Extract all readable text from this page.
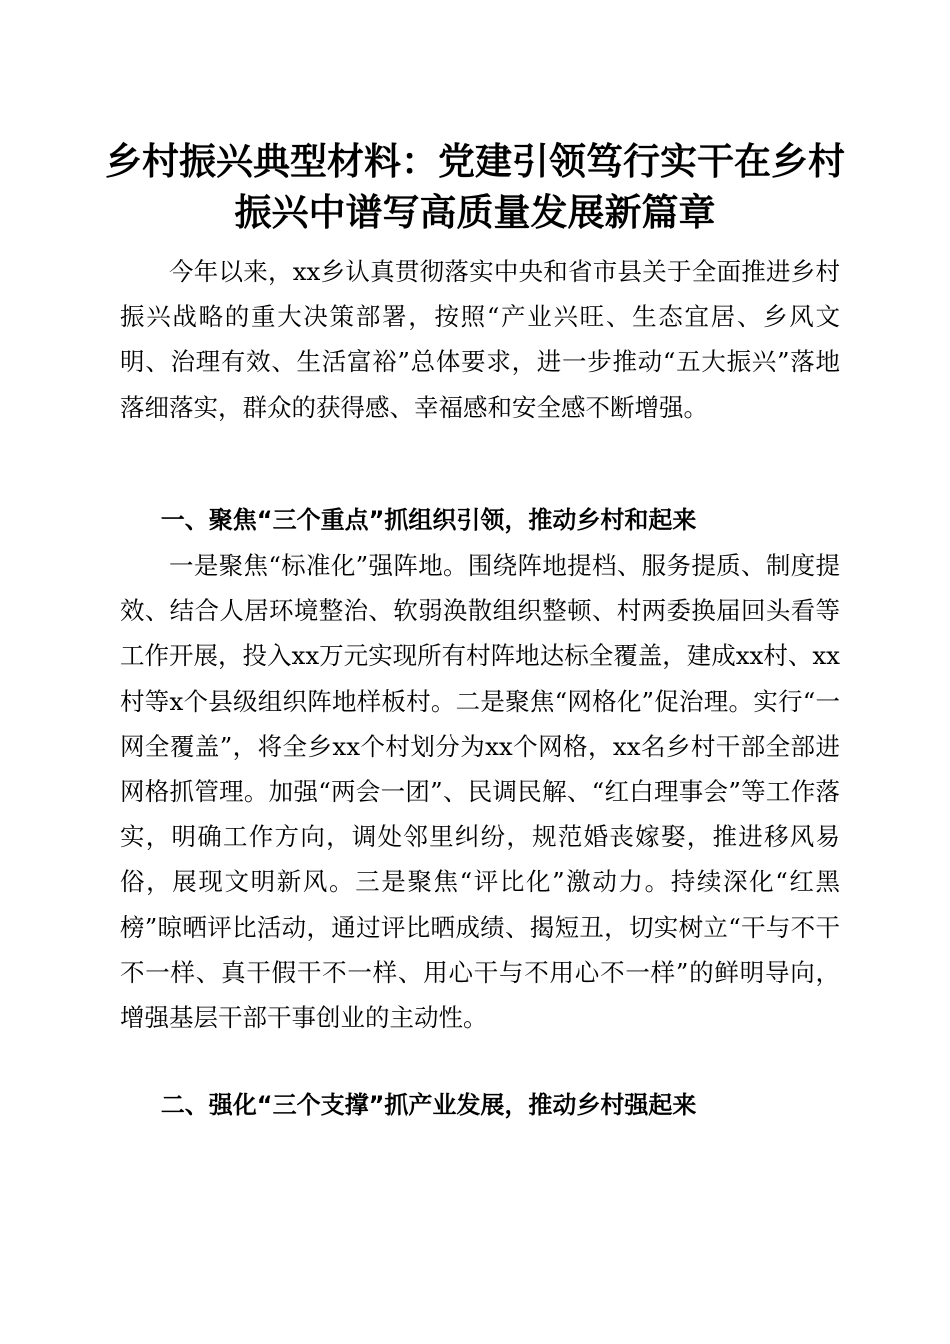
乡村振兴典型材料：党建引领笃行实干在乡村
振兴中谱写高质量发展新篇章

今年以来，xx乡认真贯彻落实中央和省市县关于全面推进乡村振兴战略的重大决策部署，按照“产业兴旺、生态宜居、乡风文明、治理有效、生活富裕”总体要求，进一步推动“五大振兴”落地落细落实，群众的获得感、幸福感和安全感不断增强。

一、聚焦“三个重点”抓组织引领，推动乡村和起来

一是聚焦“标准化”强阵地。围绕阵地提档、服务提质、制度提效、结合人居环境整治、软弱涣散组织整顿、村两委换届回头看等工作开展，投入xx万元实现所有村阵地达标全覆盖，建成xx村、xx村等x个县级组织阵地样板村。二是聚焦“网格化”促治理。实行“一网全覆盖”，将全乡xx个村划分为xx个网格，xx名乡村干部全部进网格抓管理。加强“两会一团”、民调民解、“红白理事会”等工作落实，明确工作方向，调处邻里纠纷，规范婚丧嫁娶，推进移风易俗，展现文明新风。三是聚焦“评比化”激动力。持续深化“红黑榜”晾晒评比活动，通过评比晒成绩、揭短丑，切实树立“干与不干不一样、真干假干不一样、用心干与不用心不一样”的鲜明导向，增强基层干部干事创业的主动性。

二、强化“三个支撑”抓产业发展，推动乡村强起来
